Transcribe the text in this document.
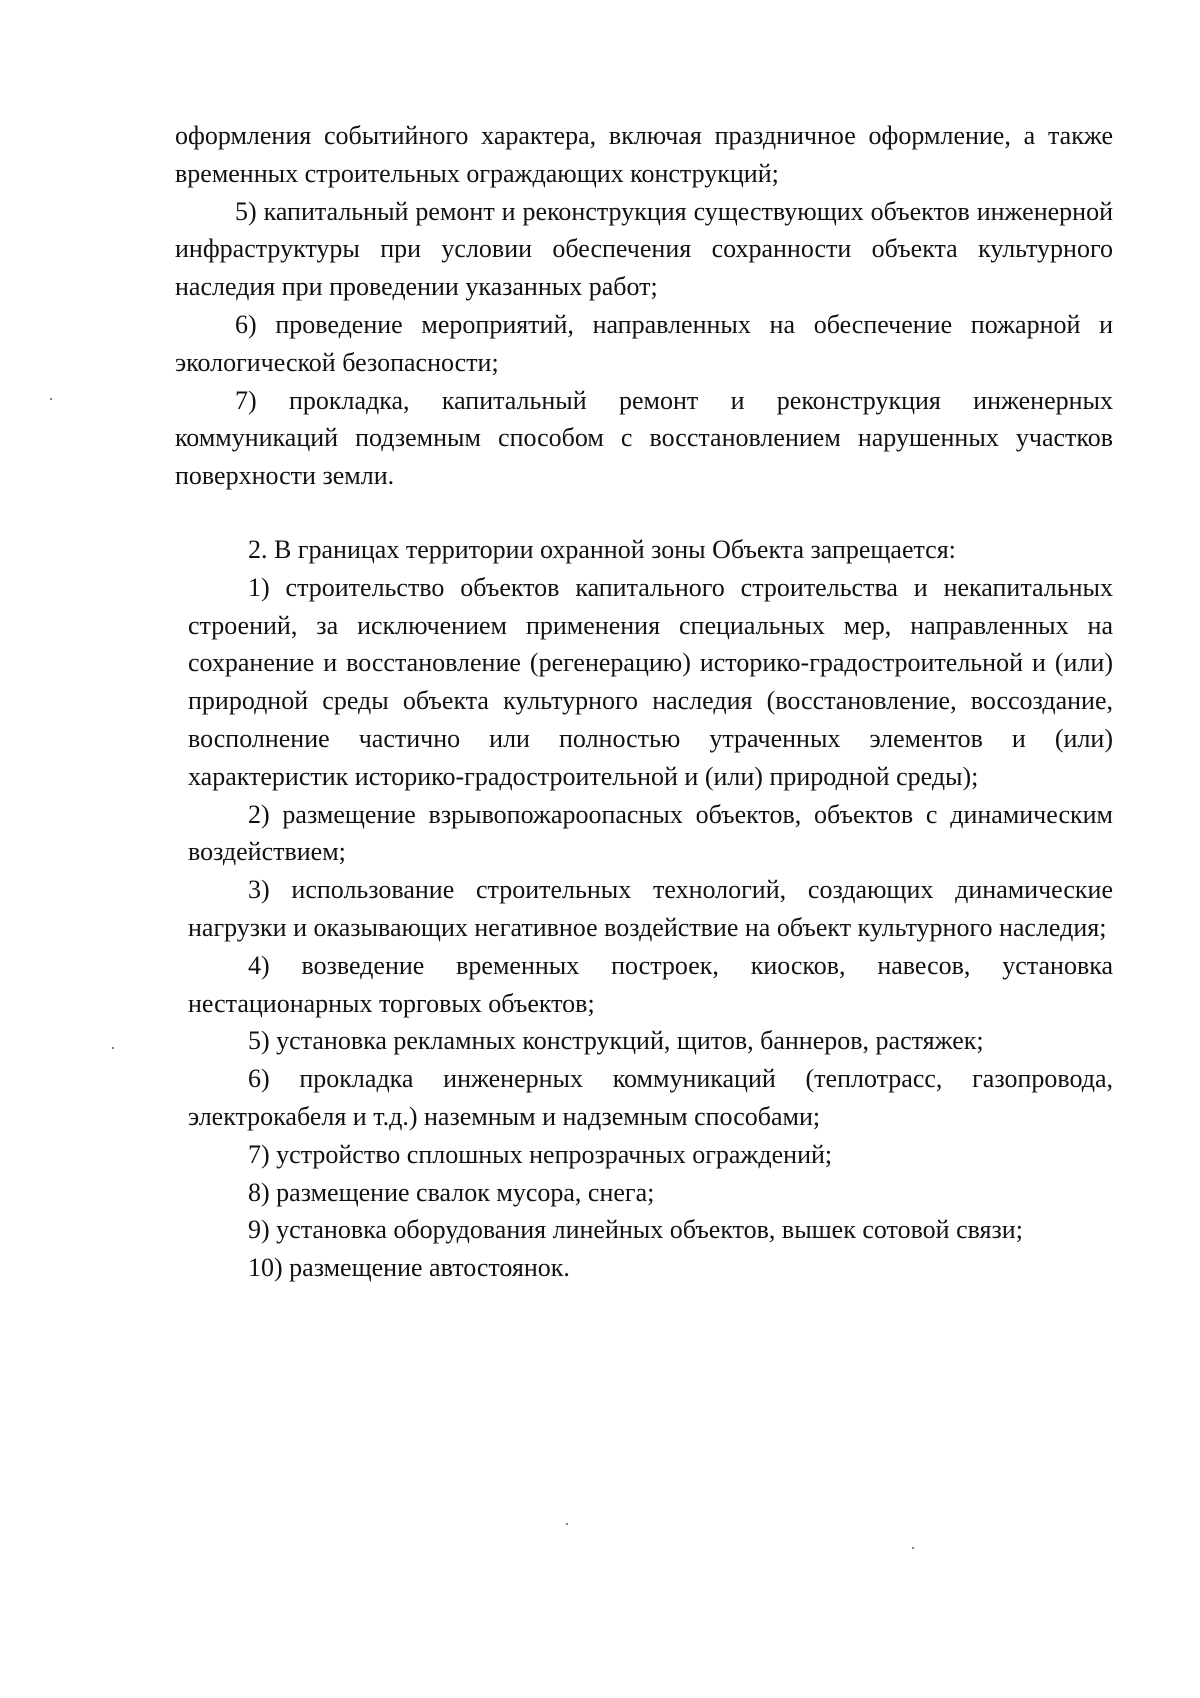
оформления событийного характера, включая праздничное оформление, а также временных строительных ограждающих конструкций;

5) капитальный ремонт и реконструкция существующих объектов инженерной инфраструктуры при условии обеспечения сохранности объекта культурного наследия при проведении указанных работ;

6) проведение мероприятий, направленных на обеспечение пожарной и экологической безопасности;

7) прокладка, капитальный ремонт и реконструкция инженерных коммуникаций подземным способом с восстановлением нарушенных участков поверхности земли.

2. В границах территории охранной зоны Объекта запрещается:

1) строительство объектов капитального строительства и некапитальных строений, за исключением применения специальных мер, направленных на сохранение и восстановление (регенерацию) историко-градостроительной и (или) природной среды объекта культурного наследия (восстановление, воссоздание, восполнение частично или полностью утраченных элементов и (или) характеристик историко-градостроительной и (или) природной среды);

2) размещение взрывопожароопасных объектов, объектов с динамическим воздействием;

3) использование строительных технологий, создающих динамические нагрузки и оказывающих негативное воздействие на объект культурного наследия;

4) возведение временных построек, киосков, навесов, установка нестационарных торговых объектов;

5) установка рекламных конструкций, щитов, баннеров, растяжек;

6) прокладка инженерных коммуникаций (теплотрасс, газопровода, электрокабеля и т.д.) наземным и надземным способами;

7) устройство сплошных непрозрачных ограждений;

8) размещение свалок мусора, снега;

9) установка оборудования линейных объектов, вышек сотовой связи;

10) размещение автостоянок.
